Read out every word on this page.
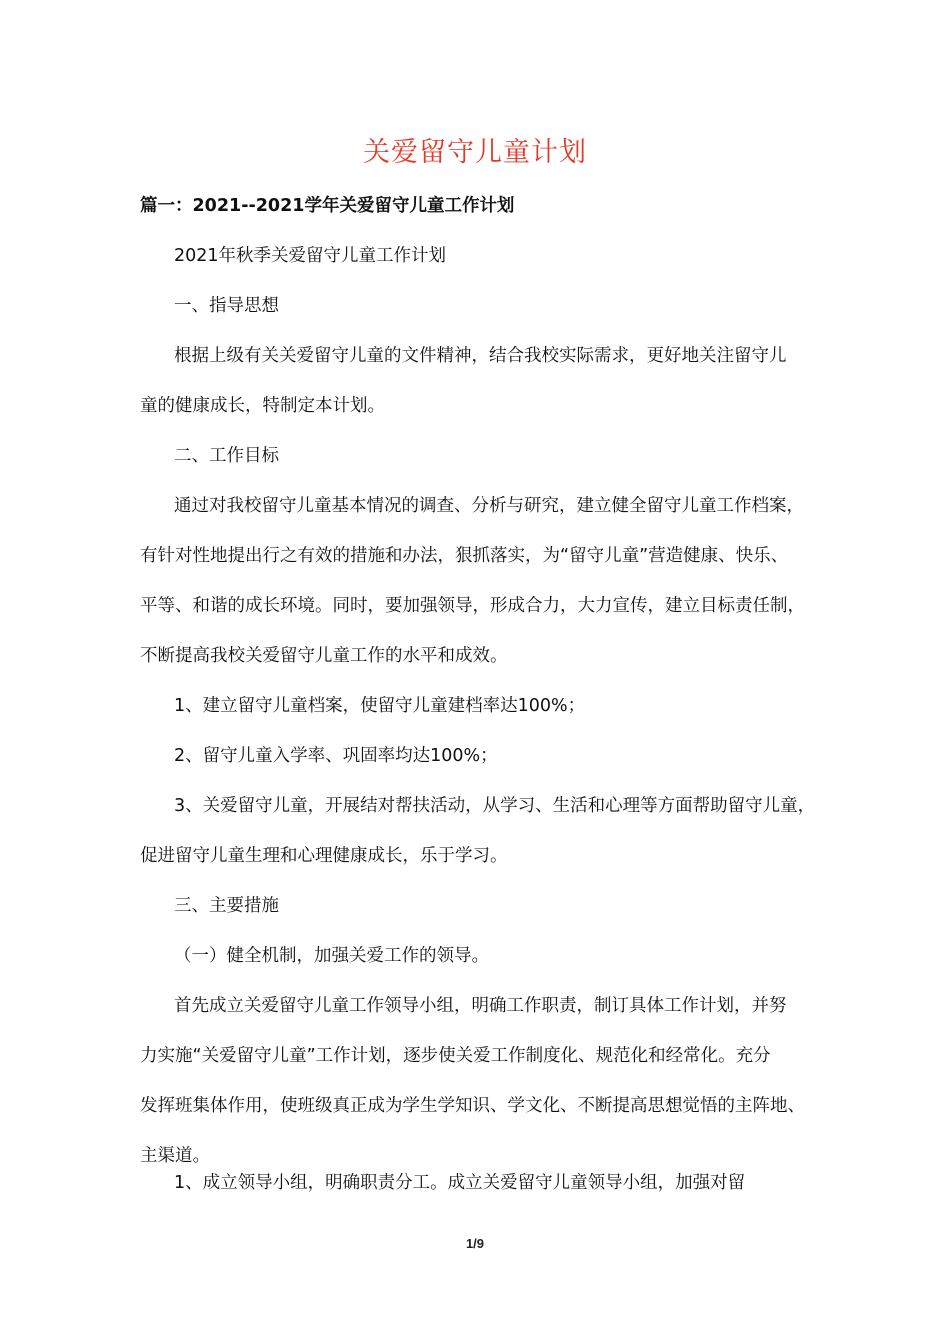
关爱留守儿童计划
篇一：2021--2021学年关爱留守儿童工作计划
2021年秋季关爱留守儿童工作计划
一、指导思想
根据上级有关关爱留守儿童的文件精神，结合我校实际需求，更好地关注留守儿
童的健康成长，特制定本计划。
二、工作目标
通过对我校留守儿童基本情况的调查、分析与研究，建立健全留守儿童工作档案，
有针对性地提出行之有效的措施和办法，狠抓落实，为“留守儿童”营造健康、快乐、
平等、和谐的成长环境。同时，要加强领导，形成合力，大力宣传，建立目标责任制，
不断提高我校关爱留守儿童工作的水平和成效。
1、建立留守儿童档案，使留守儿童建档率达100%；
2、留守儿童入学率、巩固率均达100%；
3、关爱留守儿童，开展结对帮扶活动，从学习、生活和心理等方面帮助留守儿童，
促进留守儿童生理和心理健康成长，乐于学习。
三、主要措施
（一）健全机制，加强关爱工作的领导。
首先成立关爱留守儿童工作领导小组，明确工作职责，制订具体工作计划，并努
力实施“关爱留守儿童”工作计划，逐步使关爱工作制度化、规范化和经常化。充分
发挥班集体作用，使班级真正成为学生学知识、学文化、不断提高思想觉悟的主阵地、
主渠道。
1、成立领导小组，明确职责分工。成立关爱留守儿童领导小组，加强对留
1/9
